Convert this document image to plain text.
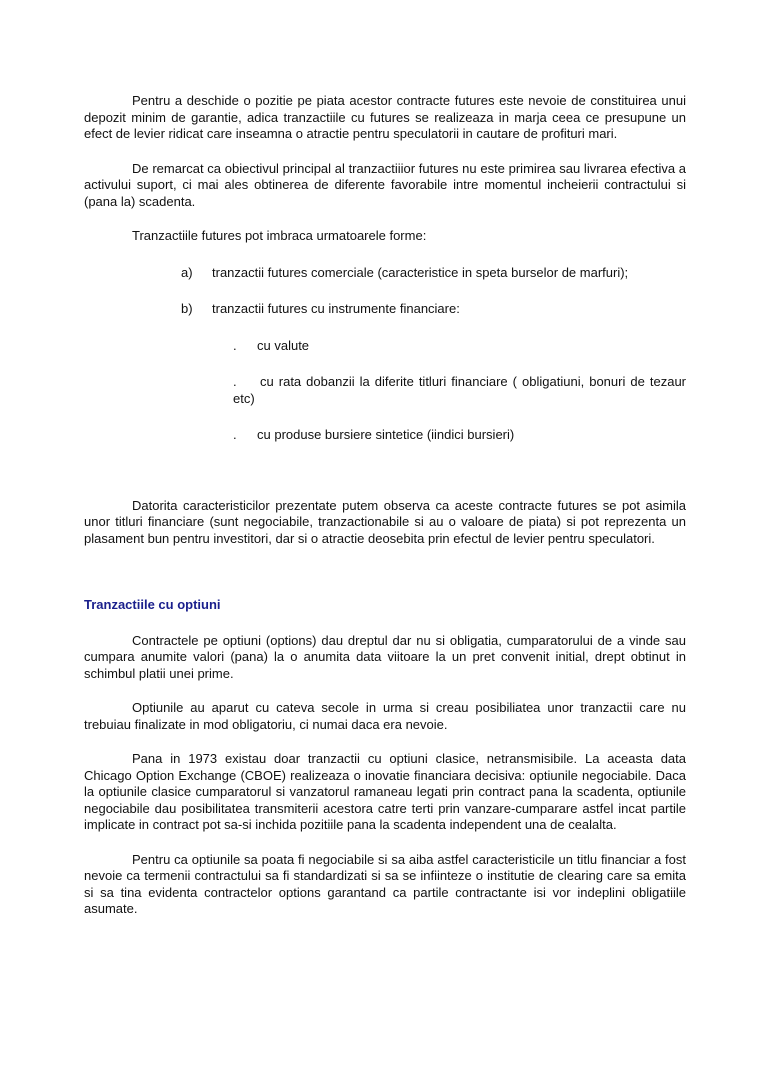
Pentru a deschide o pozitie pe piata acestor contracte futures este nevoie de constituirea unui depozit minim de garantie, adica tranzactiile cu futures se realizeaza in marja ceea ce presupune un efect de levier ridicat care inseamna o atractie pentru speculatorii in cautare de profituri mari.

De remarcat ca obiectivul principal al tranzactiiior futures nu este primirea sau livrarea efectiva a activului suport, ci mai ales obtinerea de diferente favorabile intre momentul incheierii contractului si (pana la) scadenta.

Tranzactiile futures pot imbraca urmatoarele forme:

a)	tranzactii futures comerciale (caracteristice in speta burselor de marfuri);
b)	tranzactii futures cu instrumente financiare:

. cu valute

. cu rata dobanzii la diferite titluri financiare ( obligatiuni, bonuri de tezaur etc)

. cu produse bursiere sintetice (iindici bursieri)

Datorita caracteristicilor prezentate putem observa ca aceste contracte futures se pot asimila unor titluri financiare (sunt negociabile, tranzactionabile si au o valoare de piata) si pot reprezenta un plasament bun pentru investitori, dar si o atractie deosebita prin efectul de levier pentru speculatori.

Tranzactiile cu optiuni

Contractele pe optiuni (options) dau dreptul dar nu si obligatia, cumparatorului de a vinde sau cumpara anumite valori (pana) la o anumita data viitoare la un pret convenit initial, drept obtinut in schimbul platii unei prime.

Optiunile au aparut cu cateva secole in urma si creau posibiliatea unor tranzactii care nu trebuiau finalizate in mod obligatoriu, ci numai daca era nevoie.

Pana in 1973 existau doar tranzactii cu optiuni clasice, netransmisibile. La aceasta data Chicago Option Exchange (CBOE) realizeaza o inovatie financiara decisiva: optiunile negociabile. Daca la optiunile clasice cumparatorul si vanzatorul ramaneau legati prin contract pana la scadenta, optiunile negociabile dau posibilitatea transmiterii acestora catre terti prin vanzare-cumparare astfel incat partile implicate in contract pot sa-si inchida pozitiile pana la scadenta independent una de cealalta.

Pentru ca optiunile sa poata fi negociabile si sa aiba astfel caracteristicile un titlu financiar a fost nevoie ca termenii contractului sa fi standardizati si sa se infiinteze o institutie de clearing care sa emita si sa tina evidenta contractelor options garantand ca partile contractante isi vor indeplini obligatiile asumate.
